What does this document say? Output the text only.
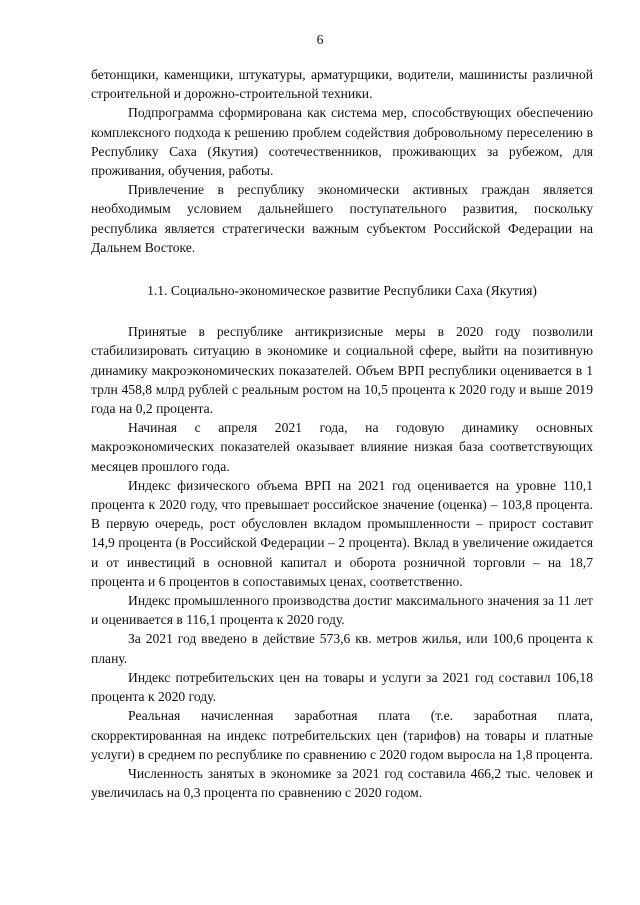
6

бетонщики, каменщики, штукатуры, арматурщики, водители, машинисты различной строительной и дорожно-строительной техники.

Подпрограмма сформирована как система мер, способствующих обеспечению комплексного подхода к решению проблем содействия добровольному переселению в Республику Саха (Якутия) соотечественников, проживающих за рубежом, для проживания, обучения, работы.

Привлечение в республику экономически активных граждан является необходимым условием дальнейшего поступательного развития, поскольку республика является стратегически важным субъектом Российской Федерации на Дальнем Востоке.

1.1. Социально-экономическое развитие Республики Саха (Якутия)

Принятые в республике антикризисные меры в 2020 году позволили стабилизировать ситуацию в экономике и социальной сфере, выйти на позитивную динамику макроэкономических показателей. Объем ВРП республики оценивается в 1 трлн 458,8 млрд рублей с реальным ростом на 10,5 процента к 2020 году и выше 2019 года на 0,2 процента.

Начиная с апреля 2021 года, на годовую динамику основных макроэкономических показателей оказывает влияние низкая база соответствующих месяцев прошлого года.

Индекс физического объема ВРП на 2021 год оценивается на уровне 110,1 процента к 2020 году, что превышает российское значение (оценка) – 103,8 процента. В первую очередь, рост обусловлен вкладом промышленности – прирост составит 14,9 процента (в Российской Федерации – 2 процента). Вклад в увеличение ожидается и от инвестиций в основной капитал и оборота розничной торговли – на 18,7 процента и 6 процентов в сопоставимых ценах, соответственно.

Индекс промышленного производства достиг максимального значения за 11 лет и оценивается в 116,1 процента к 2020 году.

За 2021 год введено в действие 573,6 кв. метров жилья, или 100,6 процента к плану.

Индекс потребительских цен на товары и услуги за 2021 год составил 106,18 процента к 2020 году.

Реальная начисленная заработная плата (т.е. заработная плата, скорректированная на индекс потребительских цен (тарифов) на товары и платные услуги) в среднем по республике по сравнению с 2020 годом выросла на 1,8 процента.

Численность занятых в экономике за 2021 год составила 466,2 тыс. человек и увеличилась на 0,3 процента по сравнению с 2020 годом.
